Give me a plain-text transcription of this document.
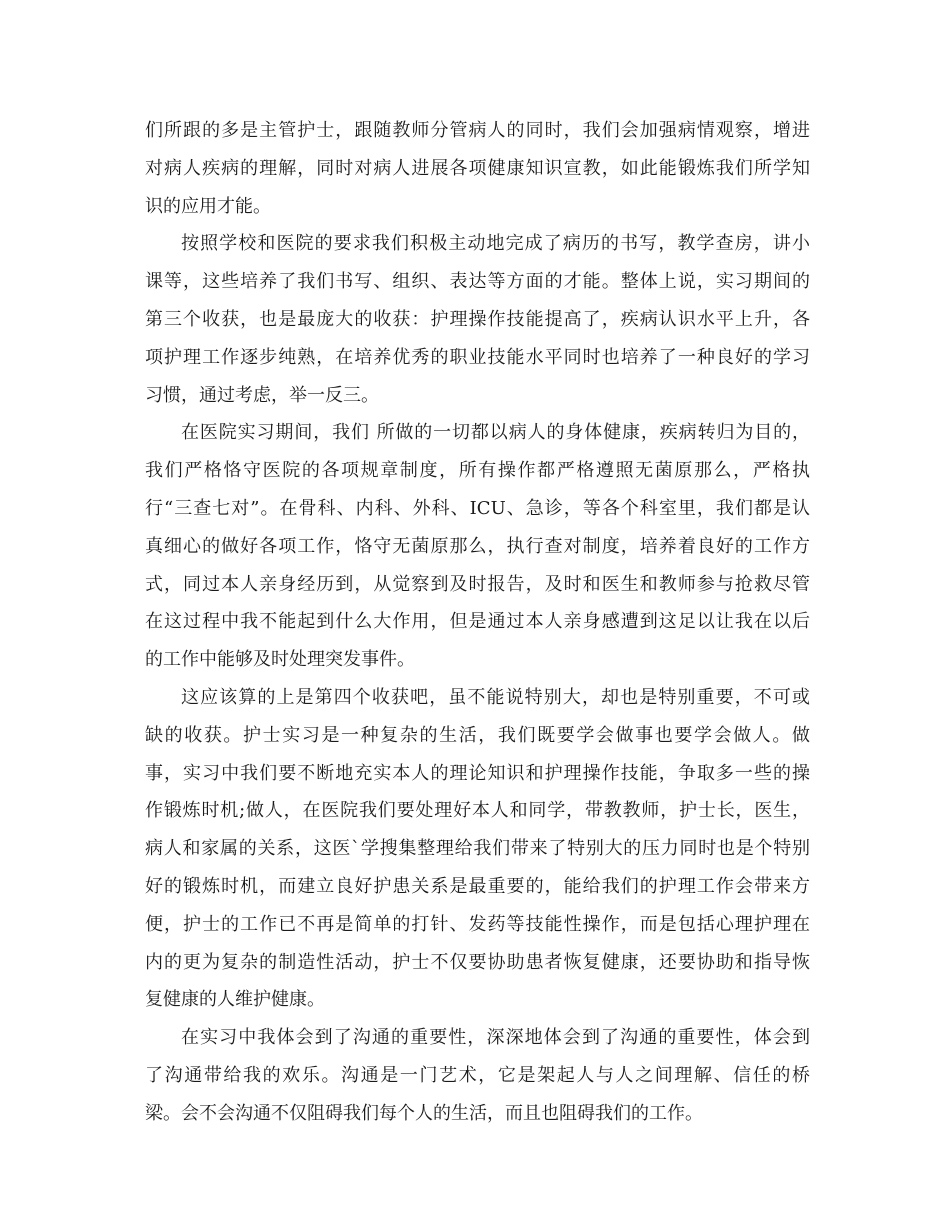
们所跟的多是主管护士，跟随教师分管病人的同时，我们会加强病情观察，增进
对病人疾病的理解，同时对病人进展各项健康知识宣教，如此能锻炼我们所学知
识的应用才能。
按照学校和医院的要求我们积极主动地完成了病历的书写，教学查房，讲小
课等，这些培养了我们书写、组织、表达等方面的才能。整体上说，实习期间的
第三个收获，也是最庞大的收获：护理操作技能提高了，疾病认识水平上升，各
项护理工作逐步纯熟，在培养优秀的职业技能水平同时也培养了一种良好的学习
习惯，通过考虑，举一反三。
在医院实习期间，我们 所做的一切都以病人的身体健康，疾病转归为目的，
我们严格恪守医院的各项规章制度，所有操作都严格遵照无菌原那么，严格执
行“三查七对”。在骨科、内科、外科、ICU、急诊，等各个科室里，我们都是认
真细心的做好各项工作，恪守无菌原那么，执行查对制度，培养着良好的工作方
式，同过本人亲身经历到，从觉察到及时报告，及时和医生和教师参与抢救尽管
在这过程中我不能起到什么大作用，但是通过本人亲身感遭到这足以让我在以后
的工作中能够及时处理突发事件。
这应该算的上是第四个收获吧，虽不能说特别大，却也是特别重要，不可或
缺的收获。护士实习是一种复杂的生活，我们既要学会做事也要学会做人。做
事，实习中我们要不断地充实本人的理论知识和护理操作技能，争取多一些的操
作锻炼时机;做人，在医院我们要处理好本人和同学，带教教师，护士长，医生，
病人和家属的关系，这医`学搜集整理给我们带来了特别大的压力同时也是个特别
好的锻炼时机，而建立良好护患关系是最重要的，能给我们的护理工作会带来方
便，护士的工作已不再是简单的打针、发药等技能性操作，而是包括心理护理在
内的更为复杂的制造性活动，护士不仅要协助患者恢复健康，还要协助和指导恢
复健康的人维护健康。
在实习中我体会到了沟通的重要性，深深地体会到了沟通的重要性，体会到
了沟通带给我的欢乐。沟通是一门艺术，它是架起人与人之间理解、信任的桥
梁。会不会沟通不仅阻碍我们每个人的生活，而且也阻碍我们的工作。
